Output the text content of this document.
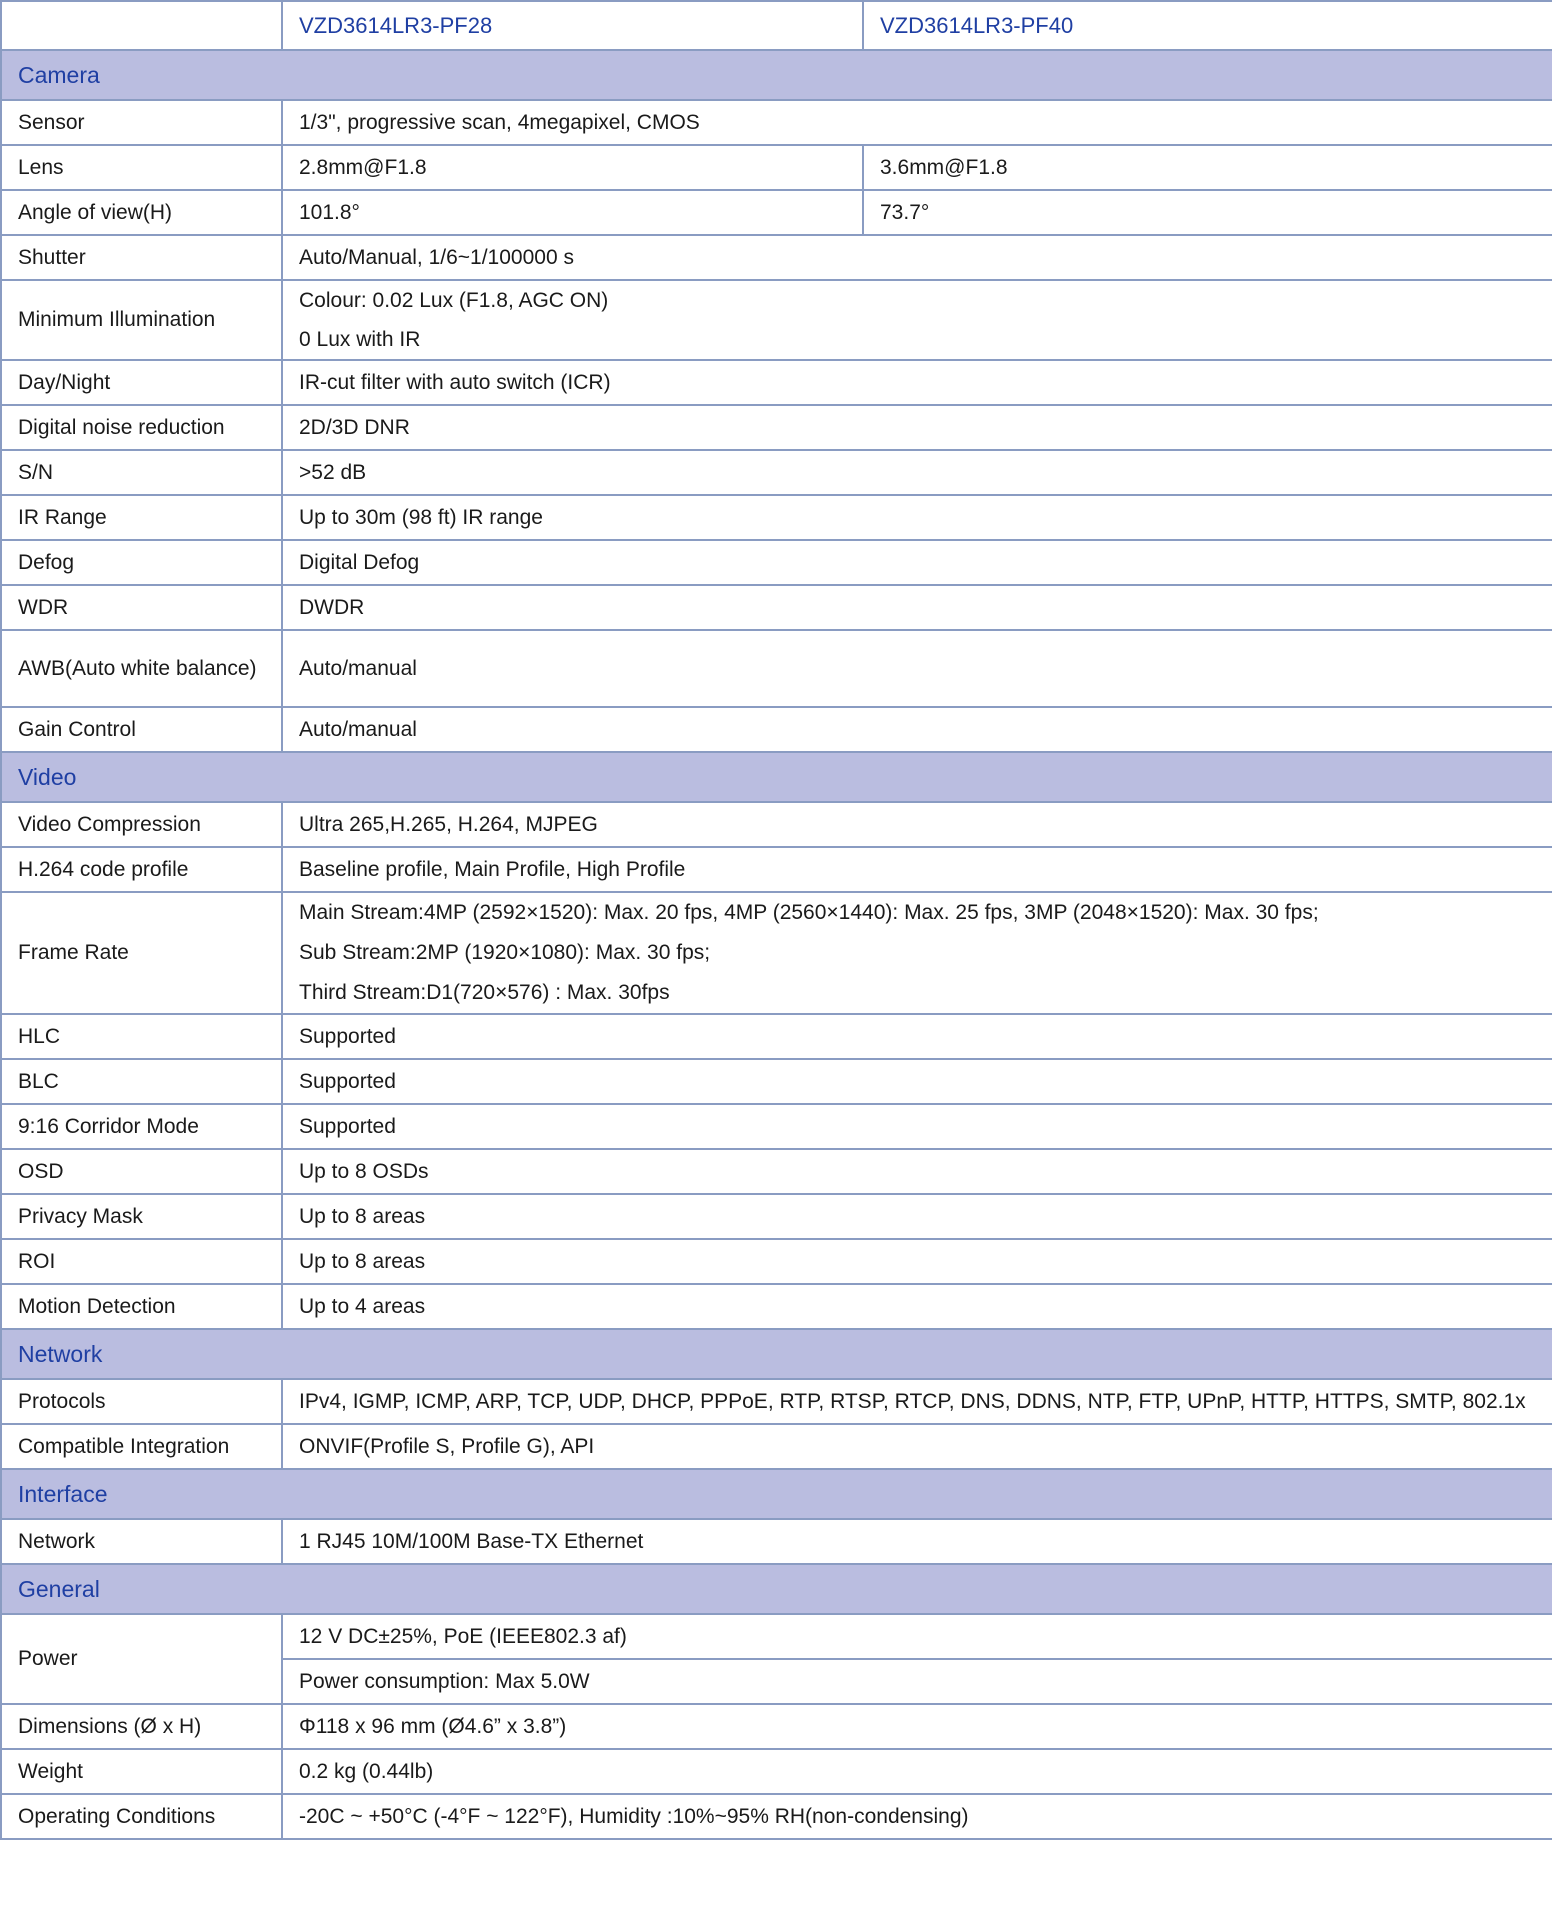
	VZD3614LR3-PF28	VZD3614LR3-PF40
Camera		
Sensor	1/3", progressive scan, 4megapixel, CMOS	
Lens	2.8mm@F1.8	3.6mm@F1.8
Angle of view(H)	101.8°	73.7°
Shutter	Auto/Manual, 1/6~1/100000 s	
Minimum Illumination	Colour: 0.02 Lux (F1.8, AGC ON)
0 Lux with IR	

Day/Night	IR-cut filter with auto switch (ICR)	
Digital noise reduction	2D/3D DNR	
S/N	>52 dB	
IR Range	Up to 30m (98 ft) IR range	
Defog	Digital Defog	
WDR	DWDR	
AWB(Auto white balance)	Auto/manual	
Gain Control	Auto/manual	
Video		
Video Compression	Ultra 265,H.265, H.264, MJPEG	
H.264 code profile	Baseline profile, Main Profile, High Profile	
Frame Rate	Main Stream:4MP (2592×1520): Max. 20 fps, 4MP (2560×1440): Max. 25 fps, 3MP (2048×1520): Max. 30 fps;
Sub Stream:2MP (1920×1080): Max. 30 fps;
Third Stream:D1(720×576) : Max. 30fps	

HLC	Supported	
BLC	Supported	
9:16 Corridor Mode	Supported	
OSD	Up to 8 OSDs	
Privacy Mask	Up to 8 areas	
ROI	Up to 8 areas	
Motion Detection	Up to 4 areas	
Network		
Protocols	IPv4, IGMP, ICMP, ARP, TCP, UDP, DHCP, PPPoE, RTP, RTSP, RTCP, DNS, DDNS, NTP, FTP, UPnP, HTTP, HTTPS, SMTP, 802.1x	
Compatible Integration	ONVIF(Profile S, Profile G), API	
Interface		
Network	1 RJ45 10M/100M Base-TX Ethernet	
General		
Power	12 V DC±25%, PoE (IEEE802.3 af)	
	Power consumption: Max 5.0W	
Dimensions (Ø x H)	Φ118 x 96 mm (Ø4.6” x 3.8”)	
Weight	0.2 kg (0.44lb)	
Operating Conditions	-20C ~ +50°C (-4°F ~ 122°F), Humidity :10%~95% RH(non-condensing)	
